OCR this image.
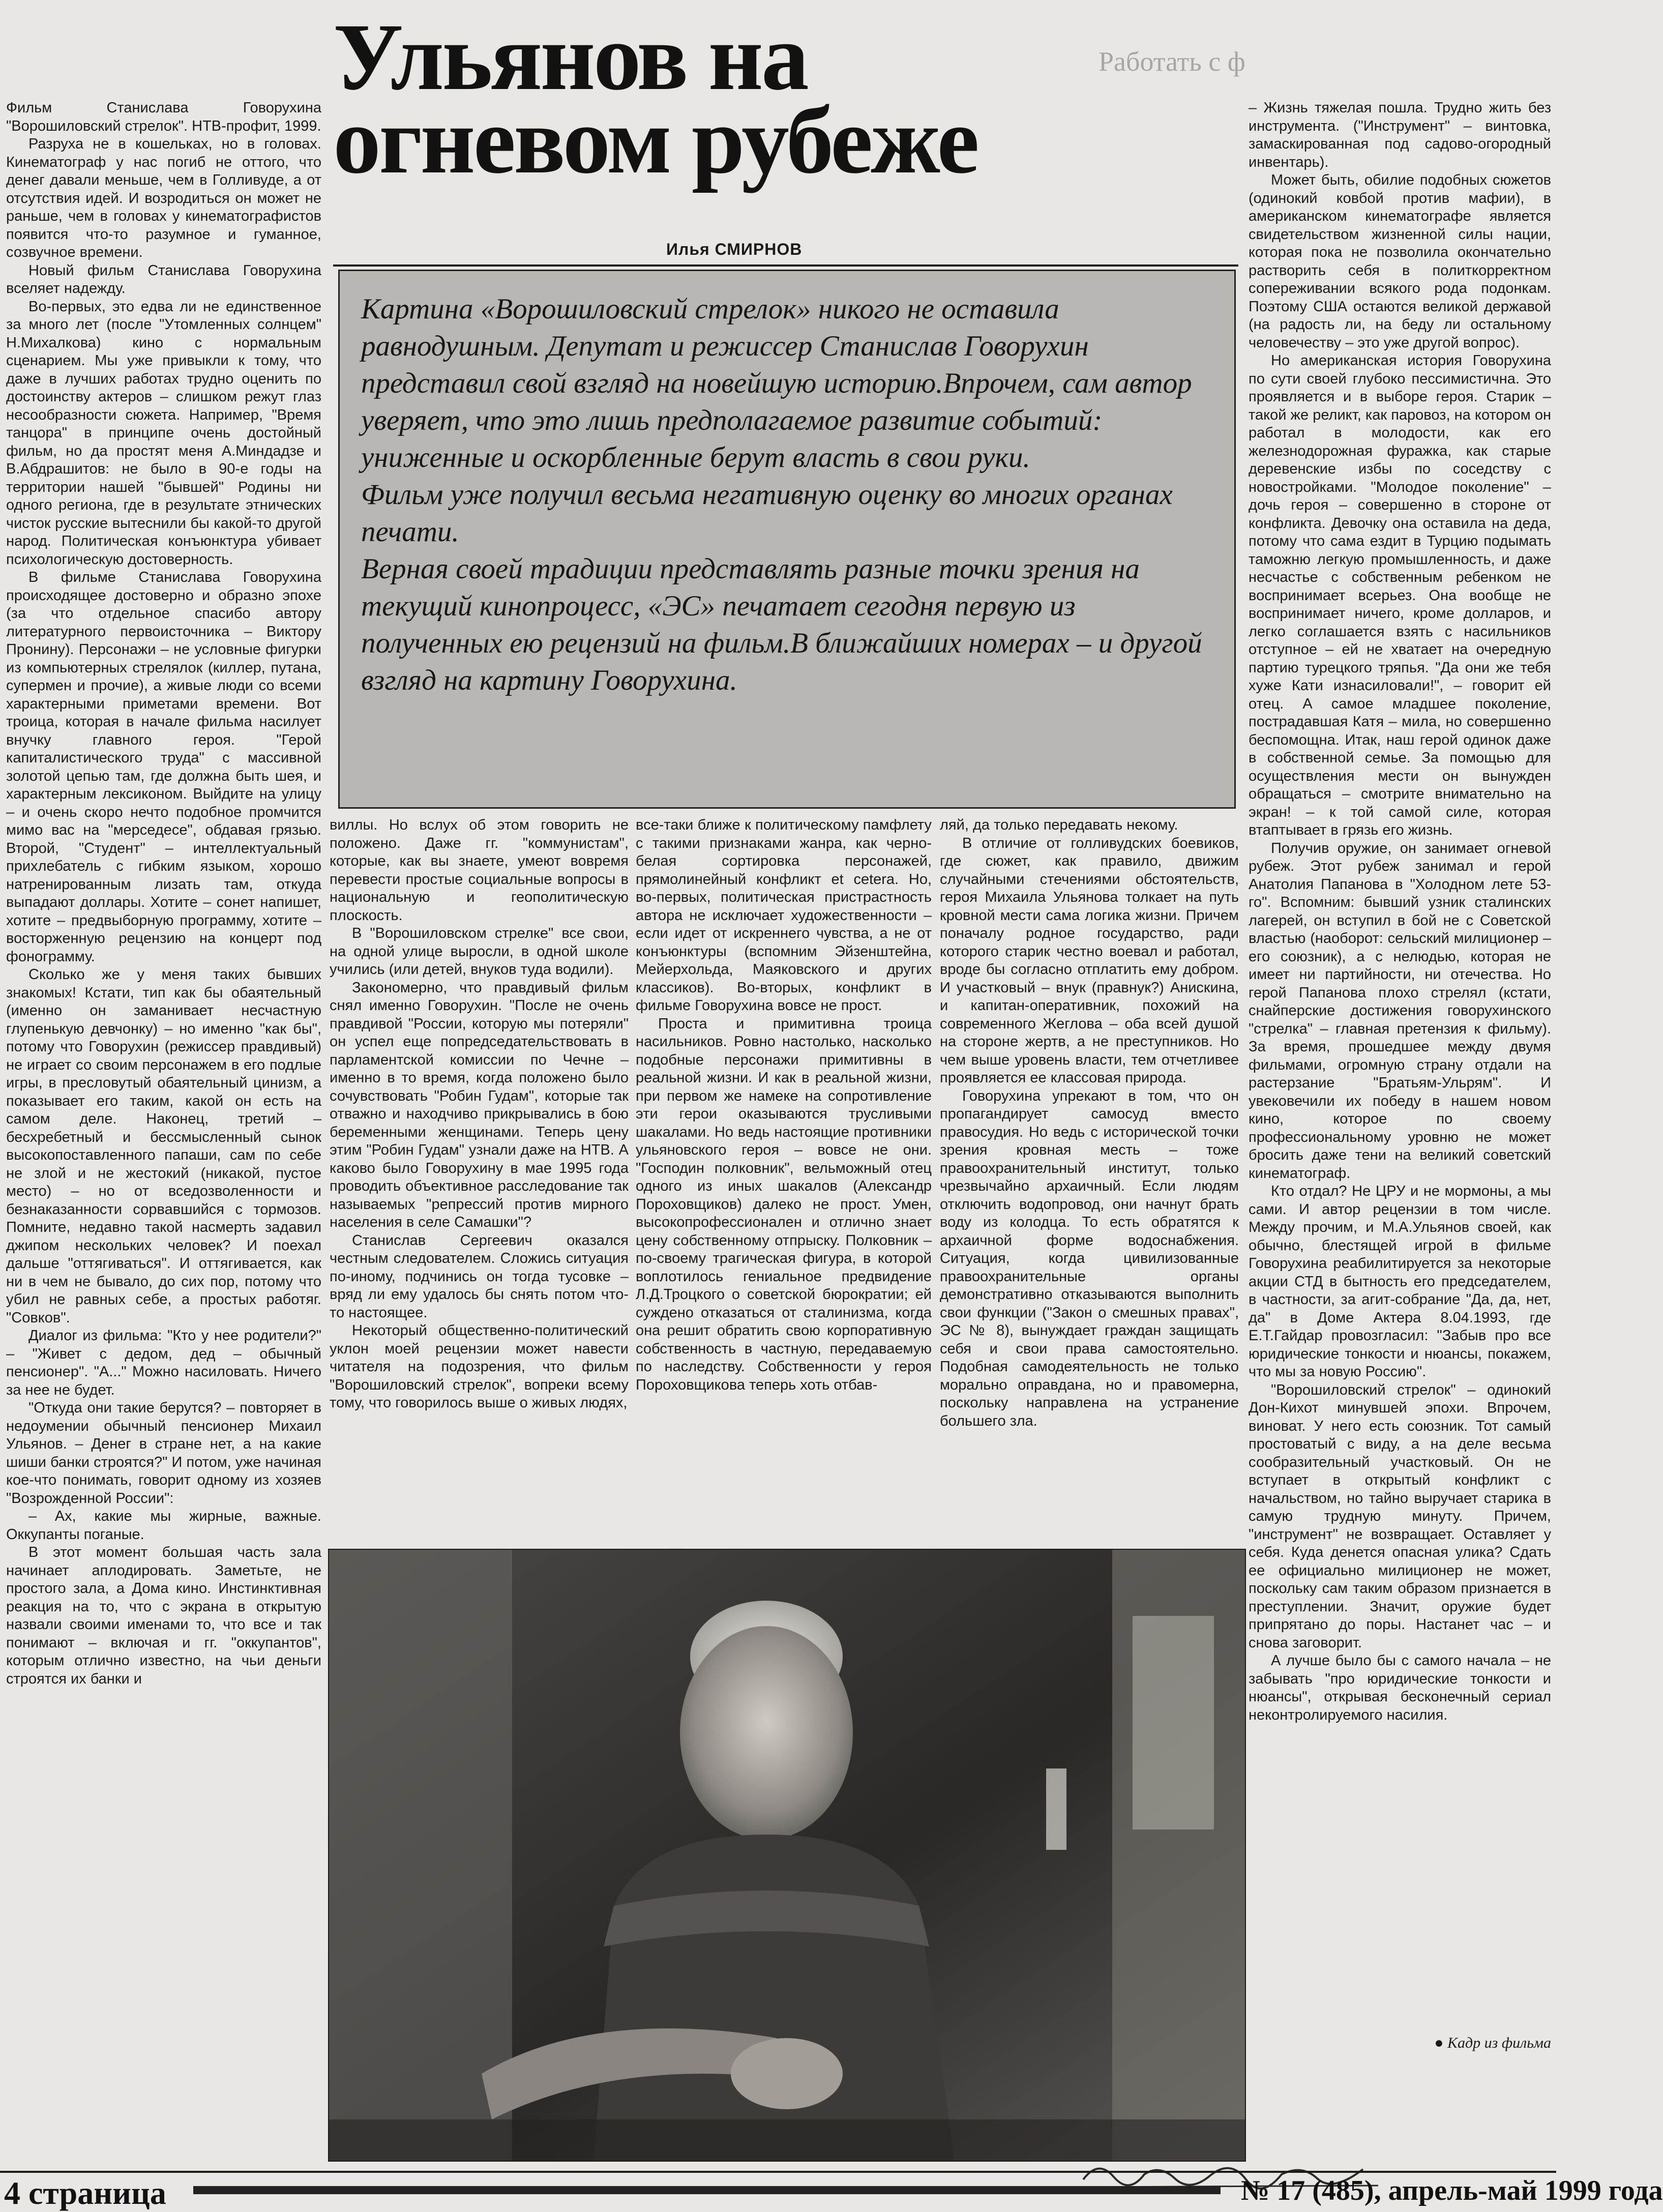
Работать с ф
Ульянов на огневом рубеже
Илья СМИРНОВ

Картина «Ворошиловский стрелок» никого не оставила равнодушным. Депутат и режиссер Станислав Говорухин представил свой взгляд на новейшую историю.Впрочем, сам автор уверяет, что это лишь предполагаемое развитие событий: униженные и оскорбленные берут власть в свои руки.

Фильм уже получил весьма негативную оценку во многих органах печати.

Верная своей традиции представлять разные точки зрения на текущий кинопроцесс, «ЭС» печатает сегодня первую из полученных ею рецензий на фильм.В ближайших номерах – и другой взгляд на картину Говорухина.

Фильм Станислава Говорухина "Ворошиловский стрелок". НТВ-профит, 1999.

Разруха не в кошельках, но в головах. Кинематограф у нас погиб не оттого, что денег давали меньше, чем в Голливуде, а от отсутствия идей. И возродиться он может не раньше, чем в головах у кинематографистов появится что-то разумное и гуманное, созвучное времени.

Новый фильм Станислава Говорухина вселяет надежду.

Во-первых, это едва ли не единственное за много лет (после "Утомленных солнцем" Н.Михалкова) кино с нормальным сценарием. Мы уже привыкли к тому, что даже в лучших работах трудно оценить по достоинству актеров – слишком режут глаз несообразности сюжета. Например, "Время танцора" в принципе очень достойный фильм, но да простят меня А.Миндадзе и В.Абдрашитов: не было в 90-е годы на территории нашей "бывшей" Родины ни одного региона, где в результате этнических чисток русские вытеснили бы какой-то другой народ. Политическая конъюнктура убивает психологическую достоверность.

В фильме Станислава Говорухина происходящее достоверно и образно эпохе (за что отдельное спасибо автору литературного первоисточника – Виктору Пронину). Персонажи – не условные фигурки из компьютерных стрелялок (киллер, путана, супермен и прочие), а живые люди со всеми характерными приметами времени. Вот троица, которая в начале фильма насилует внучку главного героя. "Герой капиталистического труда" с массивной золотой цепью там, где должна быть шея, и характерным лексиконом. Выйдите на улицу – и очень скоро нечто подобное промчится мимо вас на "мерседесе", обдавая грязью. Второй, "Студент" – интеллектуальный прихлебатель с гибким языком, хорошо натренированным лизать там, откуда выпадают доллары. Хотите – сонет напишет, хотите – предвыборную программу, хотите – восторженную рецензию на концерт под фонограмму.

Сколько же у меня таких бывших знакомых! Кстати, тип как бы обаятельный (именно он заманивает несчастную глупенькую девчонку) – но именно "как бы", потому что Говорухин (режиссер правдивый) не играет со своим персонажем в его подлые игры, в пресловутый обаятельный цинизм, а показывает его таким, какой он есть на самом деле. Наконец, третий – бесхребетный и бессмысленный сынок высокопоставленного папаши, сам по себе не злой и не жестокий (никакой, пустое место) – но от вседозволенности и безнаказанности сорвавшийся с тормозов. Помните, недавно такой насмерть задавил джипом нескольких человек? И поехал дальше "оттягиваться". И оттягивается, как ни в чем не бывало, до сих пор, потому что убил не равных себе, а простых работяг. "Совков".

Диалог из фильма: "Кто у нее родители?" – "Живет с дедом, дед – обычный пенсионер". "А..." Можно насиловать. Ничего за нее не будет.

"Откуда они такие берутся? – повторяет в недоумении обычный пенсионер Михаил Ульянов. – Денег в стране нет, а на какие шиши банки строятся?" И потом, уже начиная кое-что понимать, говорит одному из хозяев "Возрожденной России":

– Ах, какие мы жирные, важные. Оккупанты поганые.

В этот момент большая часть зала начинает аплодировать. Заметьте, не простого зала, а Дома кино. Инстинктивная реакция на то, что с экрана в открытую назвали своими именами то, что все и так понимают – включая и гг. "оккупантов", которым отлично известно, на чьи деньги строятся их банки и

виллы. Но вслух об этом говорить не положено. Даже гг. "коммунистам", которые, как вы знаете, умеют вовремя перевести простые социальные вопросы в национальную и геополитическую плоскость.

В "Ворошиловском стрелке" все свои, на одной улице выросли, в одной школе учились (или детей, внуков туда водили).

Закономерно, что правдивый фильм снял именно Говорухин. "После не очень правдивой "России, которую мы потеряли" он успел еще попредседательствовать в парламентской комиссии по Чечне – именно в то время, когда положено было сочувствовать "Робин Гудам", которые так отважно и находчиво прикрывались в бою беременными женщинами. Теперь цену этим "Робин Гудам" узнали даже на НТВ. А каково было Говорухину в мае 1995 года проводить объективное расследование так называемых "репрессий против мирного населения в селе Самашки"?

Станислав Сергеевич оказался честным следователем. Сложись ситуация по-иному, подчинись он тогда тусовке – вряд ли ему удалось бы снять потом что-то настоящее.

Некоторый общественно-политический уклон моей рецензии может навести читателя на подозрения, что фильм "Ворошиловский стрелок", вопреки всему тому, что говорилось выше о живых людях,

все-таки ближе к политическому памфлету с такими признаками жанра, как черно-белая сортировка персонажей, прямолинейный конфликт et cetera. Но, во-первых, политическая пристрастность автора не исключает художественности – если идет от искреннего чувства, а не от конъюнктуры (вспомним Эйзенштейна, Мейерхольда, Маяковского и других классиков). Во-вторых, конфликт в фильме Говорухина вовсе не прост.

Проста и примитивна троица насильников. Ровно настолько, насколько подобные персонажи примитивны в реальной жизни. И как в реальной жизни, при первом же намеке на сопротивление эти герои оказываются трусливыми шакалами. Но ведь настоящие противники ульяновского героя – вовсе не они. "Господин полковник", вельможный отец одного из иных шакалов (Александр Пороховщиков) далеко не прост. Умен, высокопрофессионален и отлично знает цену собственному отпрыску. Полковник – по-своему трагическая фигура, в которой воплотилось гениальное предвидение Л.Д.Троцкого о советской бюрократии; ей суждено отказаться от сталинизма, когда она решит обратить свою корпоративную собственность в частную, передаваемую по наследству. Собственности у героя Пороховщикова теперь хоть отбав-

ляй, да только передавать некому.

В отличие от голливудских боевиков, где сюжет, как правило, движим случайными стечениями обстоятельств, героя Михаила Ульянова толкает на путь кровной мести сама логика жизни. Причем поначалу родное государство, ради которого старик честно воевал и работал, вроде бы согласно отплатить ему добром. И участковый – внук (правнук?) Анискина, и капитан-оперативник, похожий на современного Жеглова – оба всей душой на стороне жертв, а не преступников. Но чем выше уровень власти, тем отчетливее проявляется ее классовая природа.

Говорухина упрекают в том, что он пропагандирует самосуд вместо правосудия. Но ведь с исторической точки зрения кровная месть – тоже правоохранительный институт, только чрезвычайно архаичный. Если людям отключить водопровод, они начнут брать воду из колодца. То есть обратятся к архаичной форме водоснабжения. Ситуация, когда цивилизованные правоохранительные органы демонстративно отказываются выполнить свои функции ("Закон о смешных правах", ЭС № 8), вынуждает граждан защищать себя и свои права самостоятельно. Подобная самодеятельность не только морально оправдана, но и правомерна, поскольку направлена на устранение большего зла.

– Жизнь тяжелая пошла. Трудно жить без инструмента. ("Инструмент" – винтовка, замаскированная под садово-огородный инвентарь).

Может быть, обилие подобных сюжетов (одинокий ковбой против мафии), в американском кинематографе является свидетельством жизненной силы нации, которая пока не позволила окончательно растворить себя в политкорректном сопереживании всякого рода подонкам. Поэтому США остаются великой державой (на радость ли, на беду ли остальному человечеству – это уже другой вопрос).

Но американская история Говорухина по сути своей глубоко пессимистична. Это проявляется и в выборе героя. Старик – такой же реликт, как паровоз, на котором он работал в молодости, как его железнодорожная фуражка, как старые деревенские избы по соседству с новостройками. "Молодое поколение" – дочь героя – совершенно в стороне от конфликта. Девочку она оставила на деда, потому что сама ездит в Турцию подымать таможню легкую промышленность, и даже несчастье с собственным ребенком не воспринимает всерьез. Она вообще не воспринимает ничего, кроме долларов, и легко соглашается взять с насильников отступное – ей не хватает на очередную партию турецкого тряпья. "Да они же тебя хуже Кати изнасиловали!", – говорит ей отец. А самое младшее поколение, пострадавшая Катя – мила, но совершенно беспомощна. Итак, наш герой одинок даже в собственной семье. За помощью для осуществления мести он вынужден обращаться – смотрите внимательно на экран! – к той самой силе, которая втаптывает в грязь его жизнь.

Получив оружие, он занимает огневой рубеж. Этот рубеж занимал и герой Анатолия Папанова в "Холодном лете 53-го". Вспомним: бывший узник сталинских лагерей, он вступил в бой не с Советской властью (наоборот: сельский милиционер – его союзник), а с нелюдью, которая не имеет ни партийности, ни отечества. Но герой Папанова плохо стрелял (кстати, снайперские достижения говорухинского "стрелка" – главная претензия к фильму). За время, прошедшее между двумя фильмами, огромную страну отдали на растерзание "Братьям-Ульрям". И увековечили их победу в нашем новом кино, которое по своему профессиональному уровню не может бросить даже тени на великий советский кинематограф.

Кто отдал? Не ЦРУ и не мормоны, а мы сами. И автор рецензии в том числе. Между прочим, и М.А.Ульянов своей, как обычно, блестящей игрой в фильме Говорухина реабилитируется за некоторые акции СТД в бытность его председателем, в частности, за агит-собрание "Да, да, нет, да" в Доме Актера 8.04.1993, где Е.Т.Гайдар провозгласил: "Забыв про все юридические тонкости и нюансы, покажем, что мы за новую Россию".

"Ворошиловский стрелок" – одинокий Дон-Кихот минувшей эпохи. Впрочем, виноват. У него есть союзник. Тот самый простоватый с виду, а на деле весьма сообразительный участковый. Он не вступает в открытый конфликт с начальством, но тайно выручает старика в самую трудную минуту. Причем, "инструмент" не возвращает. Оставляет у себя. Куда денется опасная улика? Сдать ее официально милиционер не может, поскольку сам таким образом признается в преступлении. Значит, оружие будет припрятано до поры. Настанет час – и снова заговорит.

А лучше было бы с самого начала – не забывать "про юридические тонкости и нюансы", открывая бесконечный сериал неконтролируемого насилия.

● Кадр из фильма
4 страница	№ 17 (485), апрель-май 1999 года
